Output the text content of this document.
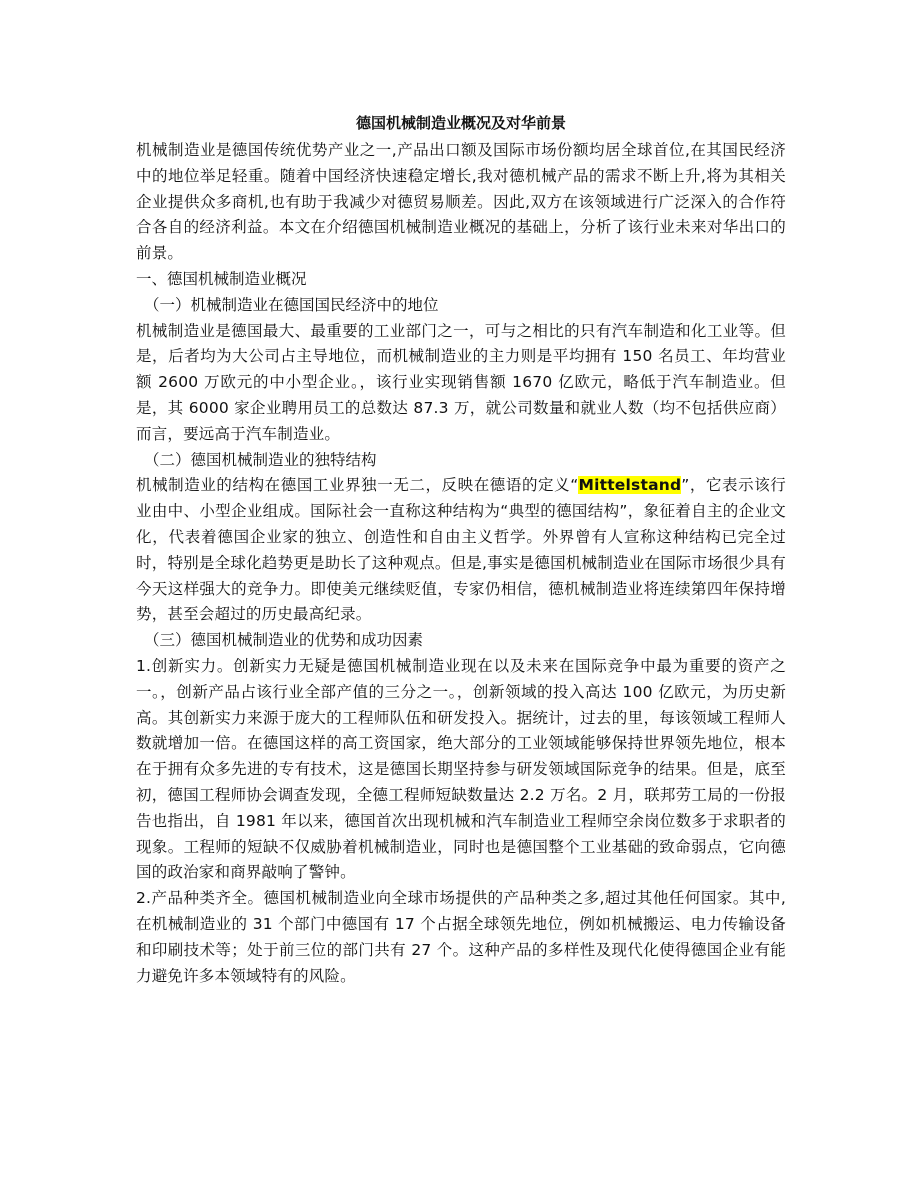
德国机械制造业概况及对华前景

机械制造业是德国传统优势产业之一,产品出口额及国际市场份额均居全球首位,在其国民经济中的地位举足轻重。随着中国经济快速稳定增长,我对德机械产品的需求不断上升,将为其相关企业提供众多商机,也有助于我减少对德贸易顺差。因此,双方在该领域进行广泛深入的合作符合各自的经济利益。本文在介绍德国机械制造业概况的基础上，分析了该行业未来对华出口的前景。

一、德国机械制造业概况

（一）机械制造业在德国国民经济中的地位

机械制造业是德国最大、最重要的工业部门之一，可与之相比的只有汽车制造和化工业等。但是，后者均为大公司占主导地位，而机械制造业的主力则是平均拥有 150 名员工、年均营业额 2600 万欧元的中小型企业。，该行业实现销售额 1670 亿欧元，略低于汽车制造业。但是，其 6000 家企业聘用员工的总数达 87.3 万，就公司数量和就业人数（均不包括供应商）而言，要远高于汽车制造业。

（二）德国机械制造业的独特结构

机械制造业的结构在德国工业界独一无二，反映在德语的定义“Mittelstand”，它表示该行业由中、小型企业组成。国际社会一直称这种结构为“典型的德国结构”，象征着自主的企业文化，代表着德国企业家的独立、创造性和自由主义哲学。外界曾有人宣称这种结构已完全过时，特别是全球化趋势更是助长了这种观点。但是,事实是德国机械制造业在国际市场很少具有今天这样强大的竞争力。即使美元继续贬值，专家仍相信，德机械制造业将连续第四年保持增势，甚至会超过的历史最高纪录。

（三）德国机械制造业的优势和成功因素

1.创新实力。创新实力无疑是德国机械制造业现在以及未来在国际竞争中最为重要的资产之一。，创新产品占该行业全部产值的三分之一。，创新领域的投入高达 100 亿欧元，为历史新高。其创新实力来源于庞大的工程师队伍和研发投入。据统计，过去的里，每该领域工程师人数就增加一倍。在德国这样的高工资国家，绝大部分的工业领域能够保持世界领先地位，根本在于拥有众多先进的专有技术，这是德国长期坚持参与研发领域国际竞争的结果。但是，底至初，德国工程师协会调查发现，全德工程师短缺数量达 2.2 万名。2 月，联邦劳工局的一份报告也指出，自 1981 年以来，德国首次出现机械和汽车制造业工程师空余岗位数多于求职者的现象。工程师的短缺不仅威胁着机械制造业，同时也是德国整个工业基础的致命弱点，它向德国的政治家和商界敲响了警钟。

2.产品种类齐全。德国机械制造业向全球市场提供的产品种类之多,超过其他任何国家。其中,在机械制造业的 31 个部门中德国有 17 个占据全球领先地位，例如机械搬运、电力传输设备和印刷技术等；处于前三位的部门共有 27 个。这种产品的多样性及现代化使得德国企业有能力避免许多本领域特有的风险。
